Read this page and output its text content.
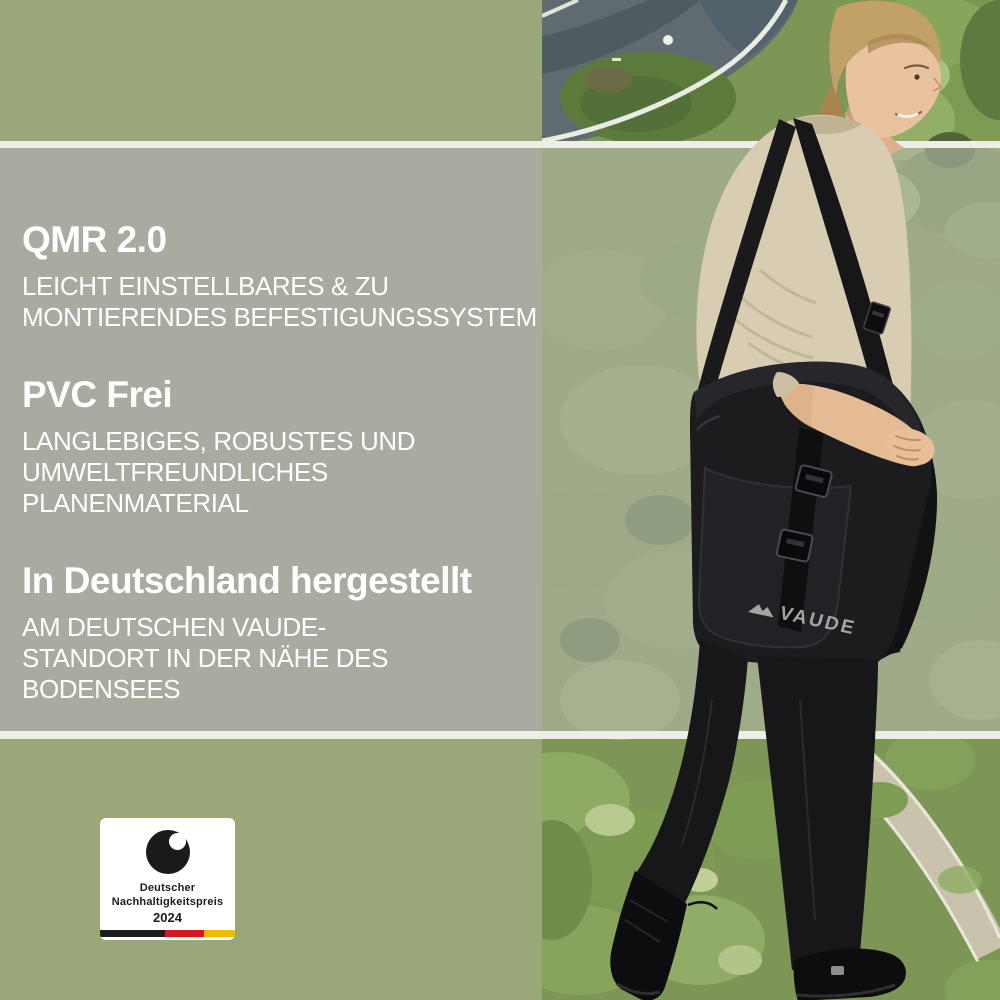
VAUDE
QMR 2.0
LEICHT EINSTELLBARES & ZU
MONTIERENDES BEFESTIGUNGSSYSTEM
PVC Frei
LANGLEBIGES, ROBUSTES UND
UMWELTFREUNDLICHES
PLANENMATERIAL
In Deutschland hergestellt
AM DEUTSCHEN VAUDE-
STANDORT IN DER NÄHE DES
BODENSEES
Deutscher
Nachhaltigkeitspreis
2024
